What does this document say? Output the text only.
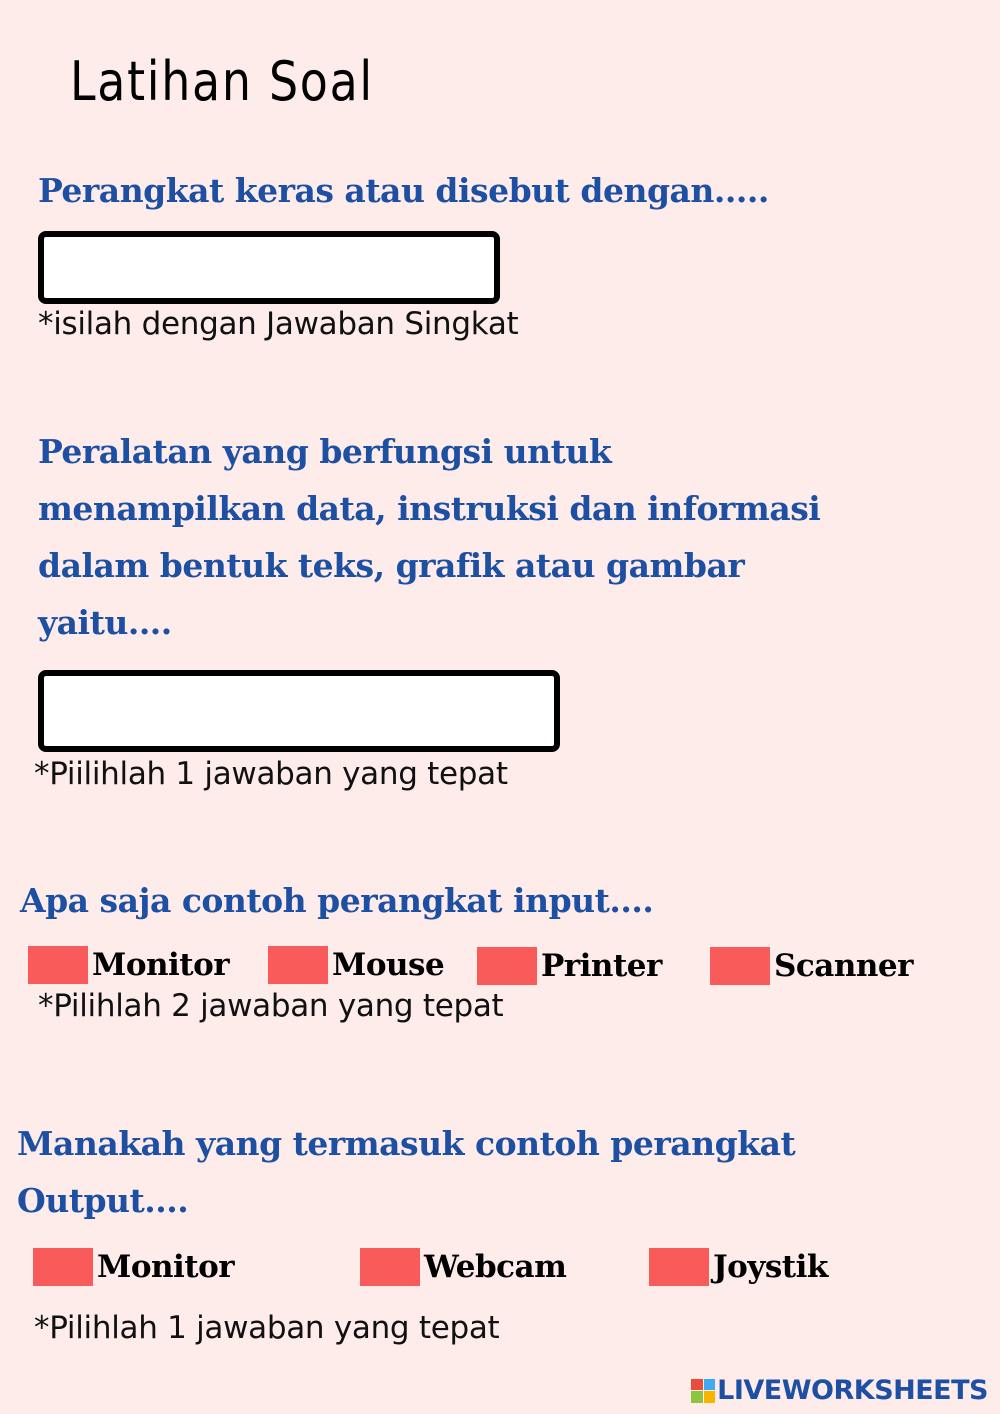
Latihan Soal
Perangkat keras atau disebut dengan.....
*isilah dengan Jawaban Singkat
Peralatan yang berfungsi untuk
menampilkan data, instruksi dan informasi
dalam bentuk teks, grafik atau gambar
yaitu....
*Piilihlah 1 jawaban yang tepat
Apa saja contoh perangkat input....
Monitor	Mouse	Printer	Scanner
*Pilihlah 2 jawaban yang tepat
Manakah yang termasuk contoh perangkat
Output....
Monitor	Webcam	Joystik
*Pilihlah 1 jawaban yang tepat
LIVEWORKSHEETS
